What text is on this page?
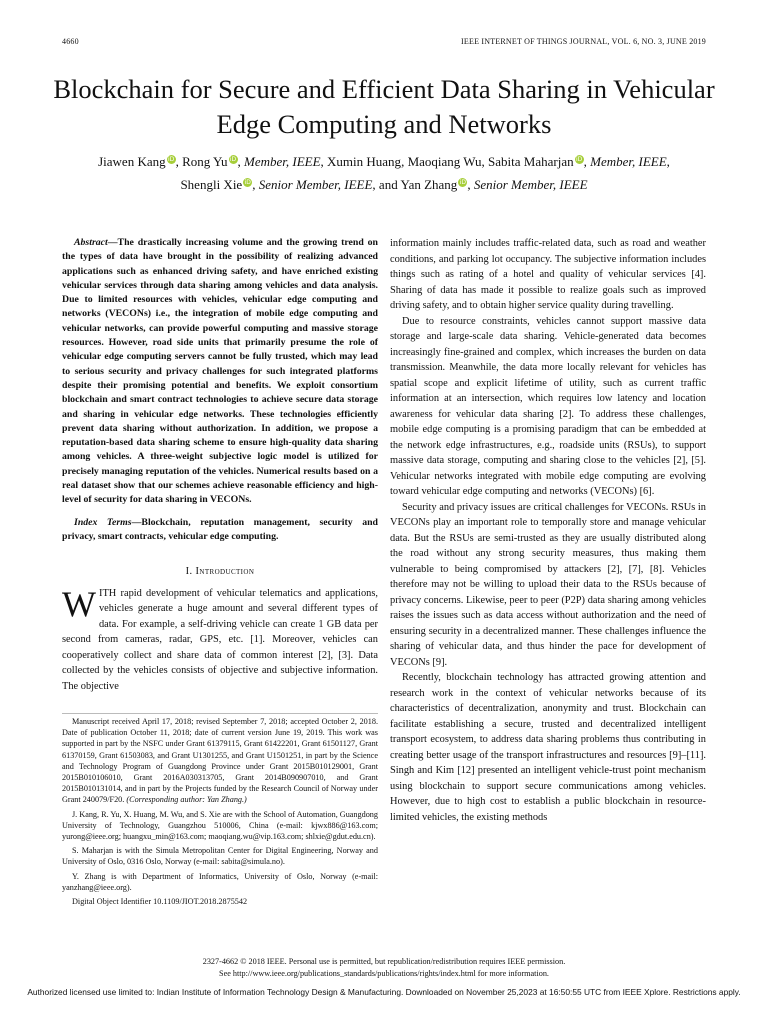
4660	IEEE INTERNET OF THINGS JOURNAL, VOL. 6, NO. 3, JUNE 2019
Blockchain for Secure and Efficient Data Sharing in Vehicular Edge Computing and Networks
Jiawen Kang iD, Rong Yu iD, Member, IEEE, Xumin Huang, Maoqiang Wu, Sabita Maharjan iD, Member, IEEE,
Shengli Xie iD, Senior Member, IEEE, and Yan Zhang iD, Senior Member, IEEE

Abstract—The drastically increasing volume and the growing trend on the types of data have brought in the possibility of realizing advanced applications such as enhanced driving safety, and have enriched existing vehicular services through data sharing among vehicles and data analysis. Due to limited resources with vehicles, vehicular edge computing and networks (VECONs) i.e., the integration of mobile edge computing and vehicular networks, can provide powerful computing and massive storage resources. However, road side units that primarily presume the role of vehicular edge computing servers cannot be fully trusted, which may lead to serious security and privacy challenges for such integrated platforms despite their promising potential and benefits. We exploit consortium blockchain and smart contract technologies to achieve secure data storage and sharing in vehicular edge networks. These technologies efficiently prevent data sharing without authorization. In addition, we propose a reputation-based data sharing scheme to ensure high-quality data sharing among vehicles. A three-weight subjective logic model is utilized for precisely managing reputation of the vehicles. Numerical results based on a real dataset show that our schemes achieve reasonable efficiency and high-level of security for data sharing in VECONs.

Index Terms—Blockchain, reputation management, security and privacy, smart contracts, vehicular edge computing.

I. Introduction

WITH rapid development of vehicular telematics and applications, vehicles generate a huge amount and several different types of data. For example, a self-driving vehicle can create 1 GB data per second from cameras, radar, GPS, etc. [1]. Moreover, vehicles can cooperatively collect and share data of common interest [2], [3]. Data collected by the vehicles consists of objective and subjective information. The objective

Manuscript received April 17, 2018; revised September 7, 2018; accepted October 2, 2018. Date of publication October 11, 2018; date of current version June 19, 2019. This work was supported in part by the NSFC under Grant 61379115, Grant 61422201, Grant 61501127, Grant 61370159, Grant 61503083, and Grant U1301255, and Grant U1501251, in part by the Science and Technology Program of Guangdong Province under Grant 2015B010129001, Grant 2015B010106010, Grant 2016A030313705, Grant 2014B090907010, and Grant 2015B010131014, and in part by the Projects funded by the Research Council of Norway under Grant 240079/F20. (Corresponding author: Yan Zhang.)

J. Kang, R. Yu, X. Huang, M. Wu, and S. Xie are with the School of Automation, Guangdong University of Technology, Guangzhou 510006, China (e-mail: kjwx886@163.com; yurong@ieee.org; huangxu_min@163.com; maoqiang.wu@vip.163.com; shlxie@gdut.edu.cn).

S. Maharjan is with the Simula Metropolitan Center for Digital Engineering, Norway and University of Oslo, 0316 Oslo, Norway (e-mail: sabita@simula.no).

Y. Zhang is with Department of Informatics, University of Oslo, Norway (e-mail: yanzhang@ieee.org).

Digital Object Identifier 10.1109/JIOT.2018.2875542

information mainly includes traffic-related data, such as road and weather conditions, and parking lot occupancy. The subjective information includes things such as rating of a hotel and quality of vehicular services [4]. Sharing of data has made it possible to realize goals such as improved driving safety, and to obtain higher service quality during travelling.

Due to resource constraints, vehicles cannot support massive data storage and large-scale data sharing. Vehicle-generated data becomes increasingly fine-grained and complex, which increases the burden on data transmission. Meanwhile, the data more locally relevant for vehicles has spatial scope and explicit lifetime of utility, such as current traffic information at an intersection, which requires low latency and location awareness for vehicular data sharing [2]. To address these challenges, mobile edge computing is a promising paradigm that can be embedded at the network edge infrastructures, e.g., roadside units (RSUs), to support massive data storage, computing and sharing close to the vehicles [2], [5]. Vehicular networks integrated with mobile edge computing are evolving toward vehicular edge computing and networks (VECONs) [6].

Security and privacy issues are critical challenges for VECONs. RSUs in VECONs play an important role to temporally store and manage vehicular data. But the RSUs are semi-trusted as they are usually distributed along the road without any strong security measures, thus making them vulnerable to being compromised by attackers [2], [7], [8]. Vehicles therefore may not be willing to upload their data to the RSUs because of privacy concerns. Likewise, peer to peer (P2P) data sharing among vehicles raises the issues such as data access without authorization and the need of ensuring security in a decentralized manner. These challenges influence the sharing of vehicular data, and thus hinder the pace for development of VECONs [9].

Recently, blockchain technology has attracted growing attention and research work in the context of vehicular networks because of its characteristics of decentralization, anonymity and trust. Blockchain can facilitate establishing a secure, trusted and decentralized intelligent transport ecosystem, to address data sharing problems thus contributing in creating better usage of the transport infrastructures and resources [9]–[11]. Singh and Kim [12] presented an intelligent vehicle-trust point mechanism using blockchain to support secure communications among vehicles. However, due to high cost to establish a public blockchain in resource-limited vehicles, the existing methods

2327-4662 © 2018 IEEE. Personal use is permitted, but republication/redistribution requires IEEE permission.
See http://www.ieee.org/publications_standards/publications/rights/index.html for more information.
Authorized licensed use limited to: Indian Institute of Information Technology Design & Manufacturing. Downloaded on November 25,2023 at 16:50:55 UTC from IEEE Xplore. Restrictions apply.
